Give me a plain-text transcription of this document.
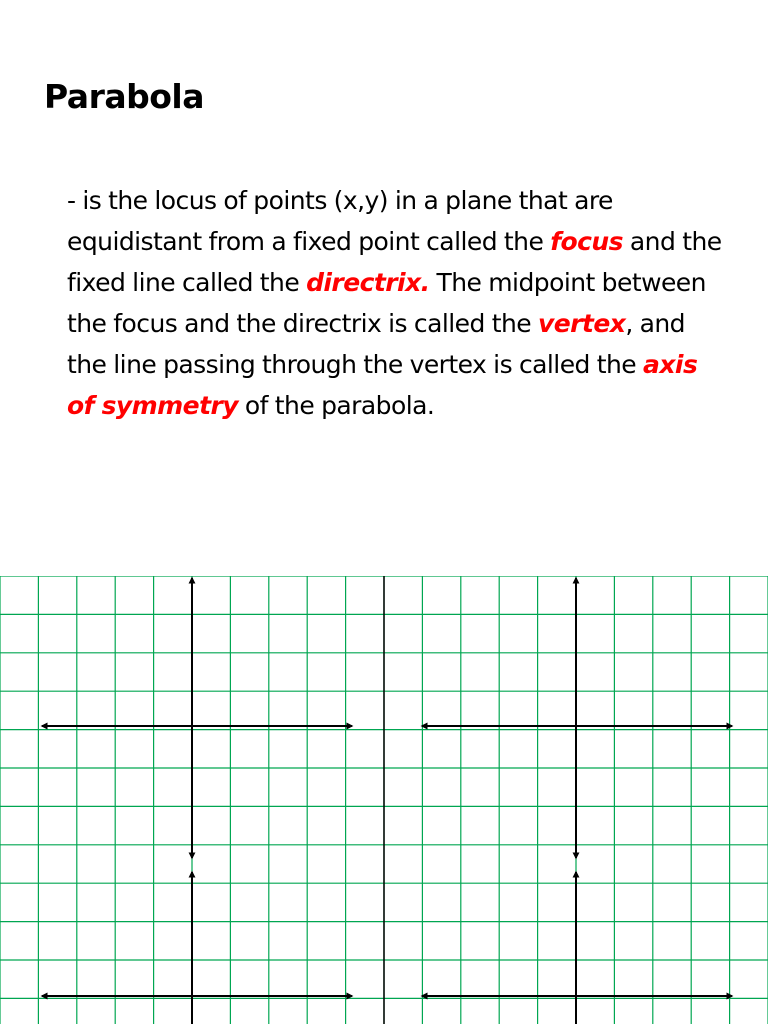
Parabola

- is the locus of points (x,y) in a plane that are equidistant from a fixed point called the focus and the fixed line called the directrix. The midpoint between the focus and the directrix is called the vertex, and the line passing through the vertex is called the axis of symmetry of the parabola.
